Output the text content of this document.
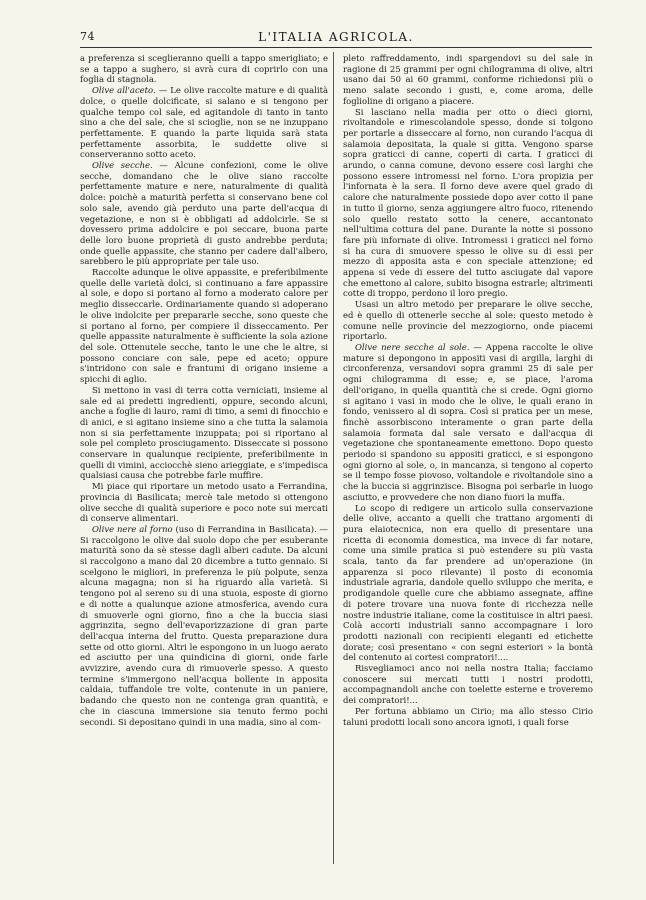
74	L'ITALIA AGRICOLA.

a preferenza si sceglieranno quelli a tappo smerigliato; e se a tappo a sughero, si avrà cura di coprirlo con una foglia di stagnola.

Olive all'aceto. — Le olive raccolte mature e di qualità dolce, o quelle dolcificate, si salano e si tengono per qualche tempo col sale, ed agitandole di tanto in tanto sino a che del sale, che si scioglie, non se ne inzuppano perfettamente. E quando la parte liquida sarà stata perfettamente assorbita, le suddette olive si conserveranno sotto aceto.

Olive secche. — Alcune confezioni, come le olive secche, domandano che le olive siano raccolte perfettamente mature e nere, naturalmente di qualità dolce: poichè a maturità perfetta si conservano bene col solo sale, avendo già perduto una parte dell'acqua di vegetazione, e non si è obbligati ad addolcirle. Se si dovessero prima addolcire e poi seccare, buona parte delle loro buone proprietà di gusto andrebbe perduta; onde quelle appassite, che stanno per cadere dall'albero, sarebbero le più appropriate per tale uso.

Raccolte adunque le olive appassite, e preferibilmente quelle delle varietà dolci, si continuano a fare appassire al sole, e dopo si portano al forno a moderato calore per meglio disseccarle. Ordinariamente quando si adoperano le olive indolcite per prepararle secche, sono queste che si portano al forno, per compiere il disseccamento. Per quelle appassite naturalmente è sufficiente la sola azione del sole. Ottenutele secche, tanto le une che le altre, si possono conciare con sale, pepe ed aceto; oppure s'intridono con sale e frantumi di origano insieme a spicchi di aglio.

Si mettono in vasi di terra cotta verniciati, insieme al sale ed ai predetti ingredienti, oppure, secondo alcuni, anche a foglie di lauro, rami di timo, a semi di finocchio e di anici, e si agitano insieme sino a che tutta la salamoia non si sia perfettamente inzuppata; poi si riportano al sole pel completo prosciugamento. Disseccate si possono conservare in qualunque recipiente, preferibilmente in quelli di vimini, acciocchè sieno arieggiate, e s'impedisca qualsiasi causa che potrebbe farle muffire.

Mi piace qui riportare un metodo usato a Ferrandina, provincia di Basilicata; mercè tale metodo si ottengono olive secche di qualità superiore e poco note sui mercati di conserve alimentari.

Olive nere al forno (uso di Ferrandina in Basilicata). — Si raccolgono le olive dal suolo dopo che per esuberante maturità sono da sè stesse dagli alberi cadute. Da alcuni si raccolgono a mano dal 20 dicembre a tutto gennaio. Si scelgono le migliori, in preferenza le più polpute, senza alcuna magagna; non si ha riguardo alla varietà. Si tengono poi al sereno su di una stuoia, esposte di giorno e di notte a qualunque azione atmosferica, avendo cura di smuoverle ogni giorno, fino a che la buccia siasi aggrinzita, segno dell'evaporizzazione di gran parte dell'acqua interna del frutto. Questa preparazione dura sette od otto giorni. Altri le espongono in un luogo aerato ed asciutto per una quindicina di giorni, onde farle avvizzire, avendo cura di rimuoverle spesso. A questo termine s'immergono nell'acqua bollente in apposita caldaia, tuffandole tre volte, contenute in un paniere, badando che questo non ne contenga gran quantità, e che in ciascuna immersione sia tenuto fermo pochi secondi. Si depositano quindi in una madia, sino al com-

pleto raffreddamento, indi spargendovi su del sale in ragione di 25 grammi per ogni chilogramma di olive, altri usano dai 50 ai 60 grammi, conforme richiedonsi più o meno salate secondo i gusti, e, come aroma, delle foglioline di origano a piacere.

Si lasciano nella madia per otto o dieci giorni, rivoltandole e rimescolandole spesso, donde si tolgono per portarle a disseccare al forno, non curando l'acqua di salamoia depositata, la quale si gitta. Vengono sparse sopra graticci di canne, coperti di carta. I graticci di arundo, o canna comune, devono essere così larghi che possono essere intromessi nel forno. L'ora propizia per l'infornata è la sera. Il forno deve avere quel grado di calore che naturalmente possiede dopo aver cotto il pane in tutto il giorno, senza aggiungere altro fuoco, ritenendo solo quello restato sotto la cenere, accantonato nell'ultima cottura del pane. Durante la notte si possono fare più infornate di olive. Intromessi i graticci nel forno si ha cura di smuovere spesso le olive su di essi per mezzo di apposita asta e con speciale attenzione; ed appena si vede di essere del tutto asciugate dal vapore che emettono al calore, subito bisogna estrarle; altrimenti cotte di troppo, perdono il loro pregio.

Usasi un altro metodo per preparare le olive secche, ed è quello di ottenerle secche al sole: questo metodo è comune nelle provincie del mezzogiorno, onde piacemi riportarlo.

Olive nere secche al sole. — Appena raccolte le olive mature si depongono in appositi vasi di argilla, larghi di circonferenza, versandovi sopra grammi 25 di sale per ogni chilogramma di esse; e, se piace, l'aroma dell'origano, in quella quantità che si crede. Ogni giorno si agitano i vasi in modo che le olive, le quali erano in fondo, venissero al di sopra. Così si pratica per un mese, finchè assorbiscono interamente o gran parte della salamoia formata dal sale versato e dall'acqua di vegetazione che spontaneamente emettono. Dopo questo periodo si spandono su appositi graticci, e si espongono ogni giorno al sole, o, in mancanza, si tengono al coperto se il tempo fosse piovoso, voltandole e rivoltandole sino a che la buccia si aggrinzisce. Bisogna poi serbarle in luogo asciutto, e provvedere che non diano fuori la muffa.

Lo scopo di redigere un articolo sulla conservazione delle olive, accanto a quelli che trattano argomenti di pura elaiotecnica, non era quello di presentare una ricetta di economia domestica, ma invece di far notare, come una simile pratica si può estendere su più vasta scala, tanto da far prendere ad un'operazione (in apparenza si poco rilevante) il posto di economia industriale agraria, dandole quello sviluppo che merita, e prodigandole quelle cure che abbiamo assegnate, affine di potere trovare una nuova fonte di ricchezza nelle nostre industrie italiane, come la costituisce in altri paesi. Colà accorti industriali sanno accompagnare i loro prodotti nazionali con recipienti eleganti ed etichette dorate; così presentano « con segni esteriori » la bontà del contenuto ai cortesi compratori!....

Risvegliamoci anco noi nella nostra Italia; facciamo conoscere sui mercati tutti i nostri prodotti, accompagnandoli anche con toelette esterne e troveremo dei compratori!...

Per fortuna abbiamo un Cirio; ma allo stesso Cirio taluni prodotti locali sono ancora ignoti, i quali forse
